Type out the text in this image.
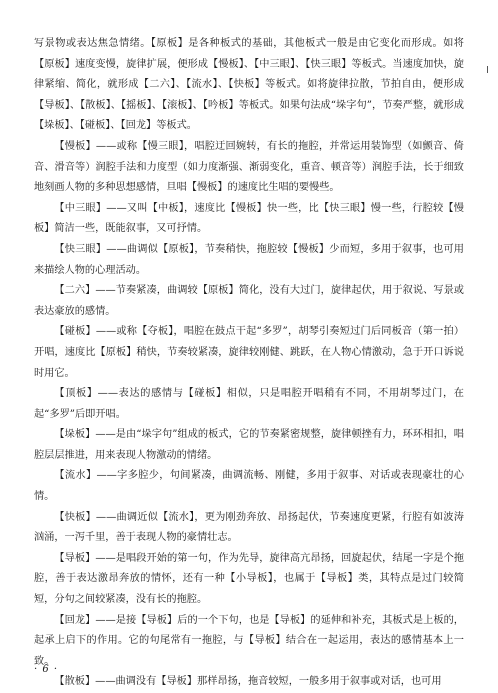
写景物或表达焦急情绪。【原板】是各种板式的基础，其他板式一般是由它变化而形成。如将【原板】速度变慢，旋律扩展，便形成【慢板】、【中三眼】、【快三眼】等板式。当速度加快，旋律紧缩、简化，就形成【二六】、【流水】、【快板】等板式。如将旋律拉散，节拍自由，便形成【导板】、【散板】、【摇板】、【滚板】、【吟板】等板式。如果句法成“垛字句”，节奏严整，就形成【垛板】、【碰板】、【回龙】等板式。

【慢板】——或称【慢三眼】，唱腔迂回婉转，有长的拖腔，并常运用装饰型（如颤音、倚音、滑音等）润腔手法和力度型（如力度渐强、渐弱变化，重音、顿音等）润腔手法，长于细致地刻画人物的多种思想感情，旦唱【慢板】的速度比生唱的要慢些。

【中三眼】——又叫【中板】，速度比【慢板】快一些，比【快三眼】慢一些，行腔较【慢板】简洁一些，既能叙事，又可抒情。

【快三眼】——曲调似【原板】，节奏稍快，拖腔较【慢板】少而短，多用于叙事，也可用来描绘人物的心理活动。

【二六】——节奏紧凑，曲调较【原板】简化，没有大过门，旋律起伏，用于叙说、写景或表达豪放的感情。

【碰板】——或称【夺板】，唱腔在鼓点干起“多罗”，胡琴引奏短过门后同板音（第一拍）开唱，速度比【原板】稍快，节奏较紧凑，旋律较刚健、跳跃，在人物心情激动，急于开口诉说时用它。

【顶板】——表达的感情与【碰板】相似，只是唱腔开唱稍有不同，不用胡琴过门，在起“多罗”后即开唱。

【垛板】——是由“垛字句”组成的板式，它的节奏紧密规整，旋律顿挫有力，环环相扣，唱腔层层推进，用来表现人物激动的情绪。

【流水】——字多腔少，句间紧凑，曲调流畅、刚健，多用于叙事、对话或表现豪壮的心情。

【快板】——曲调近似【流水】，更为刚劲奔放、昂扬起伏，节奏速度更紧，行腔有如波涛汹涌，一泻千里，善于表现人物的豪情壮志。

【导板】——是唱段开始的第一句，作为先导，旋律高亢昂扬，回旋起伏，结尾一字是个拖腔，善于表达激昂奔放的情怀，还有一种【小导板】，也属于【导板】类，其特点是过门较简短，分句之间较紧凑，没有长的拖腔。

【回龙】——是接【导板】后的一个下句，也是【导板】的延伸和补充，其板式是上板的，起承上启下的作用。它的句尾常有一拖腔，与【导板】结合在一起运用，表达的感情基本上一致。

【散板】——曲调没有【导板】那样昂扬，拖音较短，一般多用于叙事或对话，也可用

· 6 ·
